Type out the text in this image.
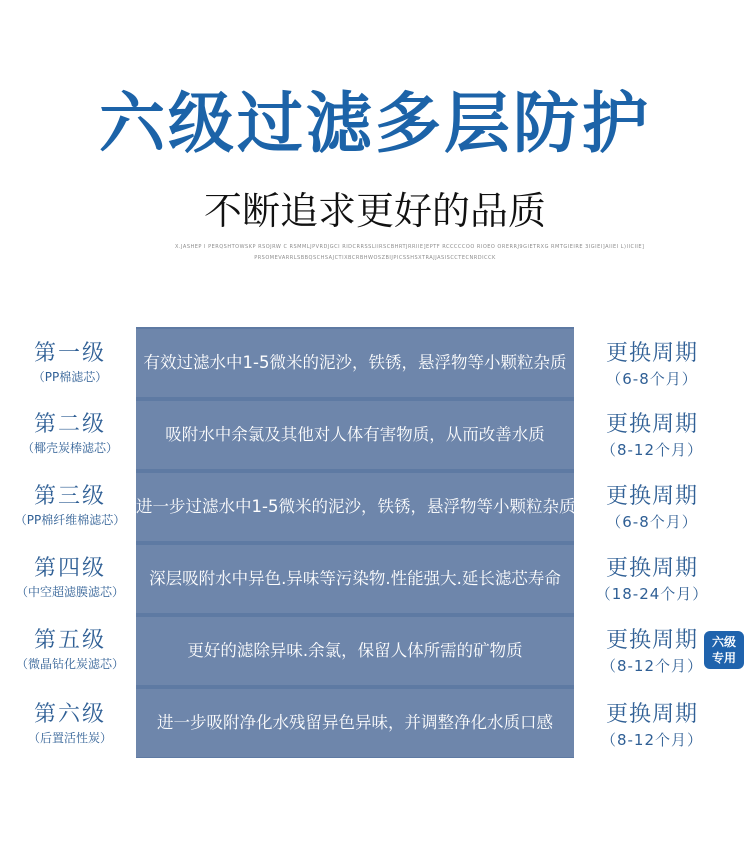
六级过滤多层防护
不断追求更好的品质
X.JASHEP I PERQSHTOWSKP RSOJRW C RSMMLJPVRDJGCI RIDCRRSSLIIRSCBHRTJRRIIE]EPTF RCCCCCOO RIOEO ORERRJ9GIETRXG RMTGIEIRE 3IGIEI]AIIEI L)IICIIE]
PRSOMEVARRLSBBQSCHSAJCTIXBCRBHWOSZBIJPICSSHSXTRAJJASISCCTECNRDICCK
第一级
（PP棉滤芯）
有效过滤水中1-5微米的泥沙，铁锈，悬浮物等小颗粒杂质	更换周期
（6-8个月）
第二级
（椰壳炭棒滤芯）
吸附水中余氯及其他对人体有害物质，从而改善水质	更换周期
（8-12个月）
第三级
（PP棉纤维棉滤芯）
进一步过滤水中1-5微米的泥沙，铁锈，悬浮物等小颗粒杂质	更换周期
（6-8个月）
第四级
（中空超滤膜滤芯）
深层吸附水中异色.异味等污染物.性能强大.延长滤芯寿命	更换周期
（18-24个月）
第五级
（微晶钻化炭滤芯）
更好的滤除异味.余氯，保留人体所需的矿物质	更换周期
（8-12个月）
六级
专用
第六级
（后置活性炭）
进一步吸附净化水残留异色异味，并调整净化水质口感	更换周期
（8-12个月）
